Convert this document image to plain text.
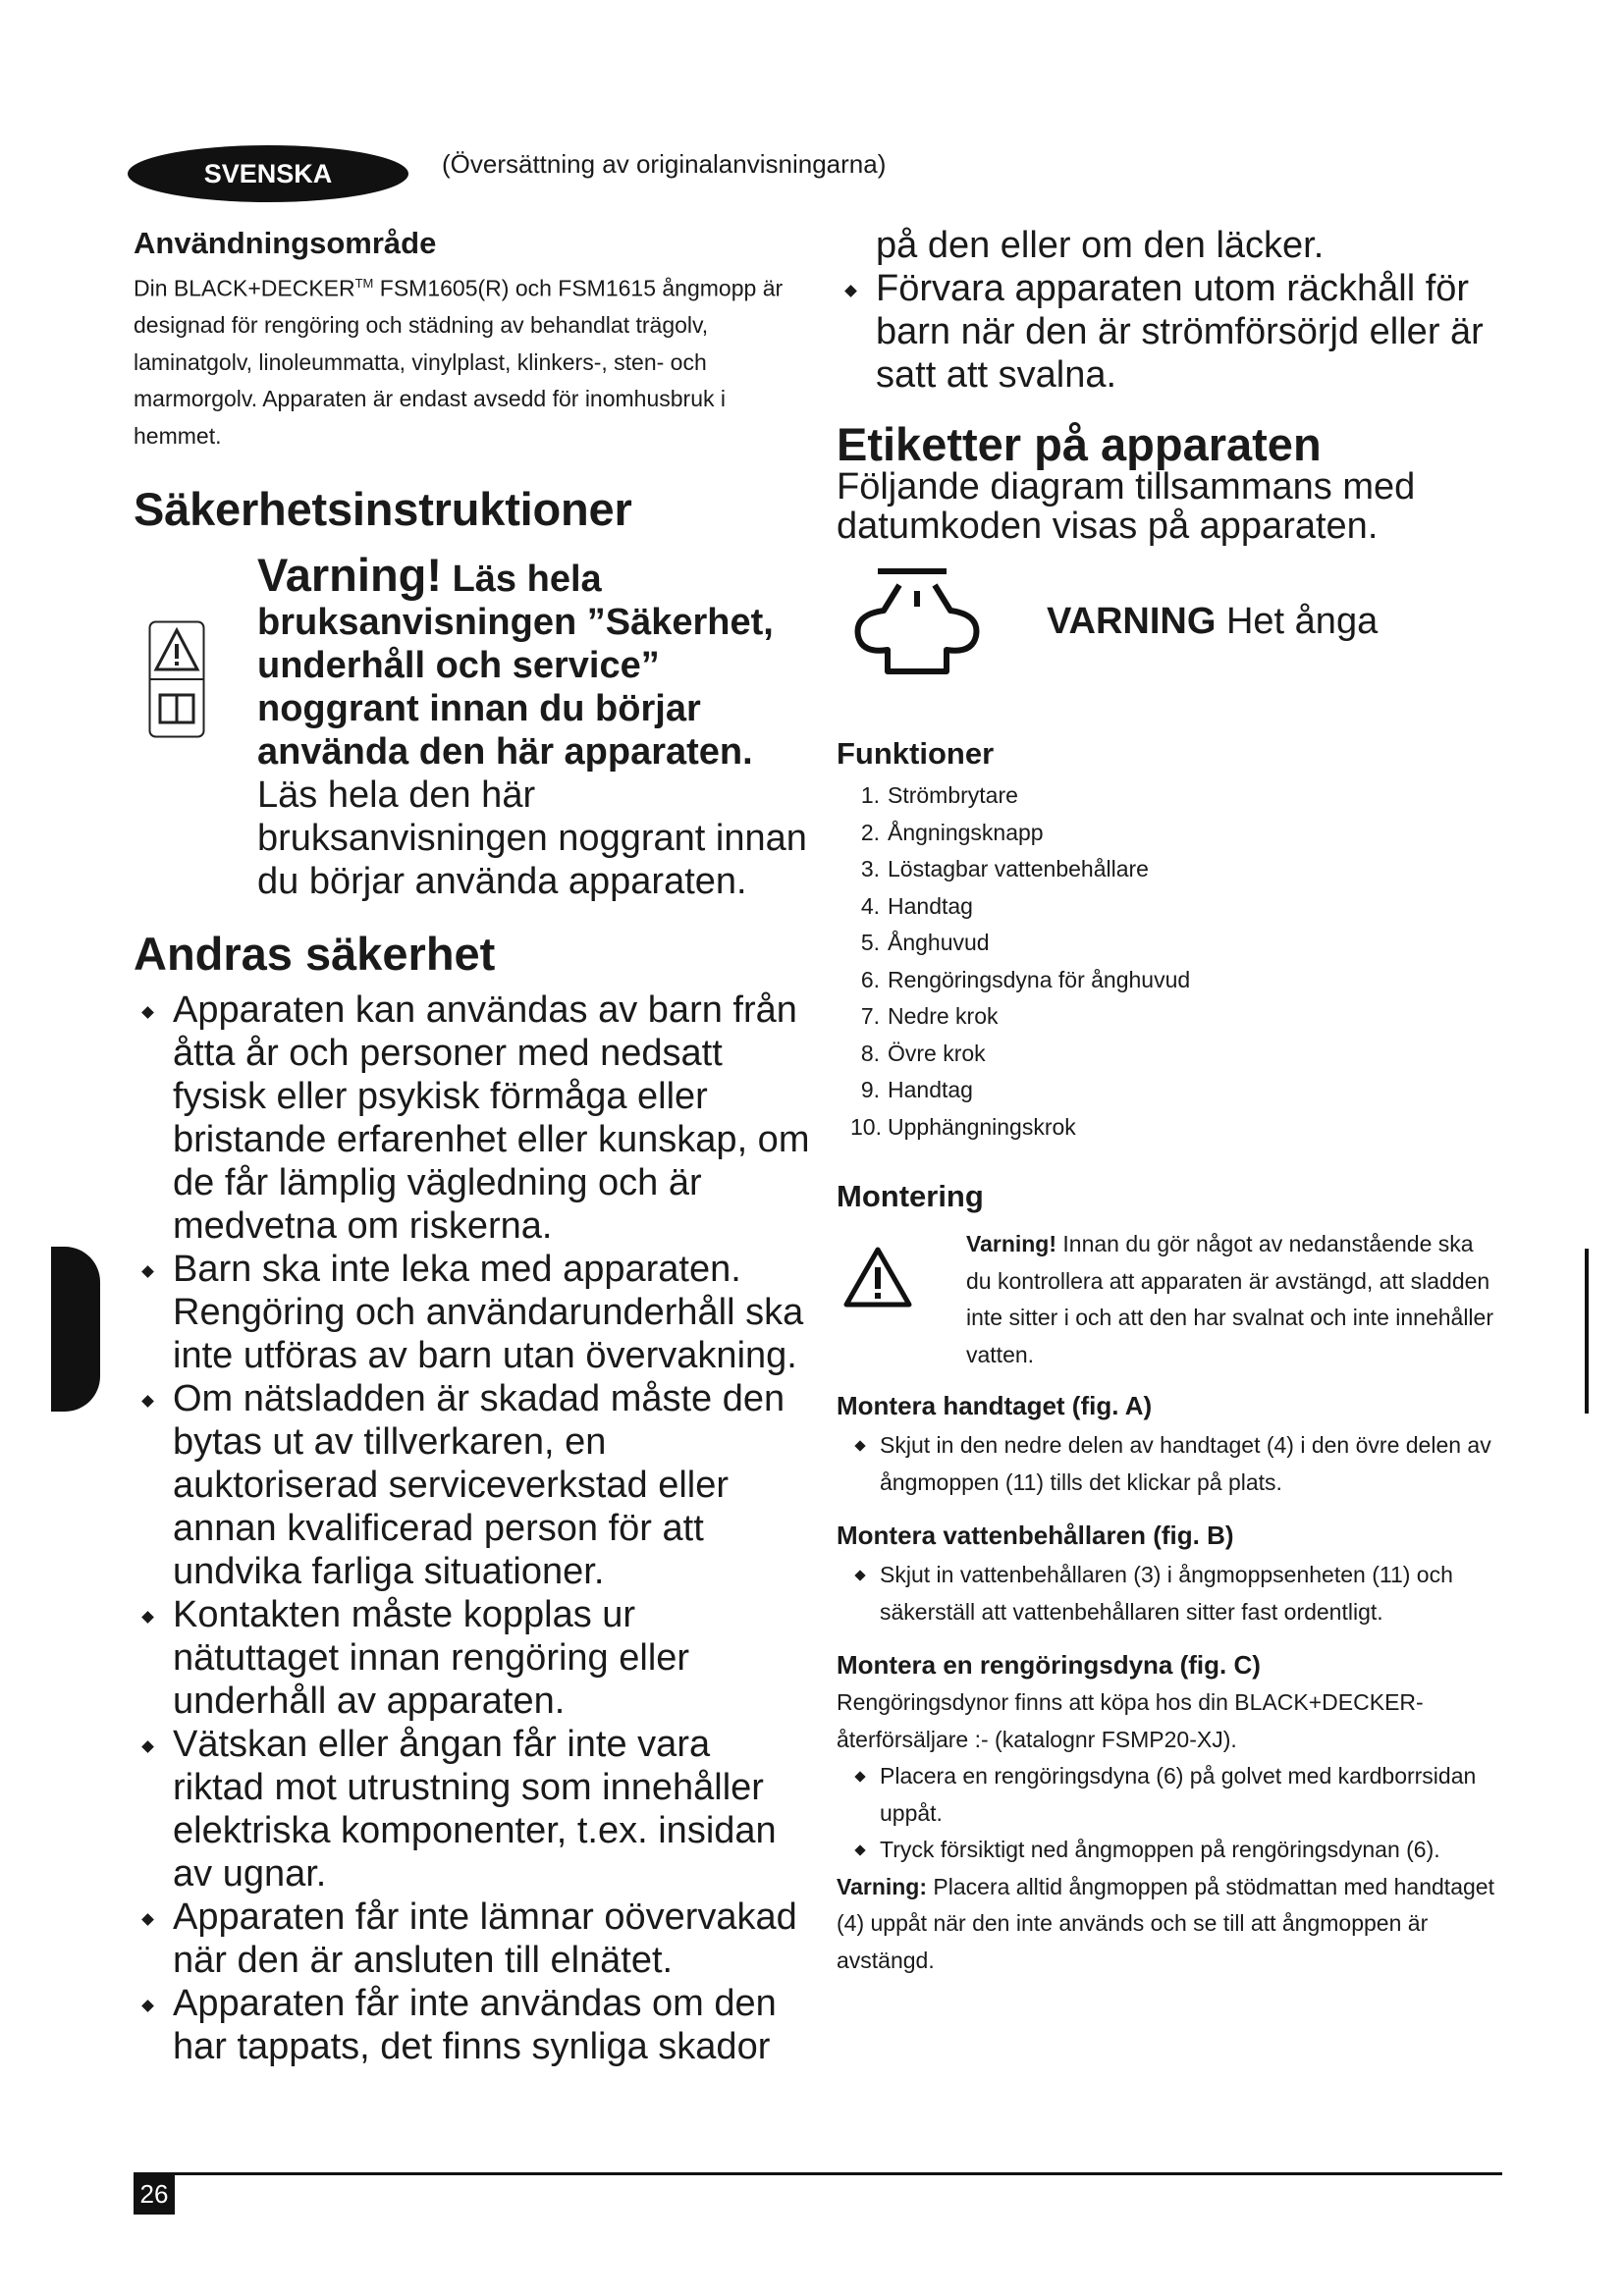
SVENSKA	(Översättning av originalanvisningarna)

Användningsområde

Din BLACK+DECKER™ FSM1605(R) och FSM1615 ångmopp är designad för rengöring och städning av behandlat trägolv, laminatgolv, linoleummatta, vinylplast, klinkers-, sten- och marmorgolv. Apparaten är endast avsedd för inomhusbruk i hemmet.

Säkerhetsinstruktioner

Varning! Läs hela bruksanvisningen ”Säkerhet, underhåll och service” noggrant innan du börjar använda den här apparaten. Läs hela den här bruksanvisningen noggrant innan du börjar använda apparaten.

Andras säkerhet

Apparaten kan användas av barn från åtta år och personer med nedsatt fysisk eller psykisk förmåga eller bristande erfarenhet eller kunskap, om de får lämplig vägledning och är medvetna om riskerna.
Barn ska inte leka med apparaten. Rengöring och användarunderhåll ska inte utföras av barn utan övervakning.
Om nätsladden är skadad måste den bytas ut av tillverkaren, en auktoriserad serviceverkstad eller annan kvalificerad person för att undvika farliga situationer.
Kontakten måste kopplas ur nätuttaget innan rengöring eller underhåll av apparaten.
Vätskan eller ångan får inte vara riktad mot utrustning som innehåller elektriska komponenter, t.ex. insidan av ugnar.
Apparaten får inte lämnar oövervakad när den är ansluten till elnätet.
Apparaten får inte användas om den har tappats, det finns synliga skador

på den eller om den läcker.

Förvara apparaten utom räckhåll för barn när den är strömförsörjd eller är satt att svalna.

Etiketter på apparaten

Följande diagram tillsammans med datumkoden visas på apparaten.

VARNING Het ånga

Funktioner

1. Strömbrytare
2. Ångningsknapp
3. Löstagbar vattenbehållare
4. Handtag
5. Ånghuvud
6. Rengöringsdyna för ånghuvud
7. Nedre krok
8. Övre krok
9. Handtag
10. Upphängningskrok

Montering

Varning! Innan du gör något av nedanstående ska du kontrollera att apparaten är avstängd, att sladden inte sitter i och att den har svalnat och inte innehåller vatten.

Montera handtaget (fig. A)

Skjut in den nedre delen av handtaget (4) i den övre delen av ångmoppen (11) tills det klickar på plats.

Montera vattenbehållaren (fig. B)

Skjut in vattenbehållaren (3) i ångmoppsenheten (11) och säkerställ att vattenbehållaren sitter fast ordentligt.

Montera en rengöringsdyna (fig. C)

Rengöringsdynor finns att köpa hos din BLACK+DECKER-återförsäljare :- (katalognr FSMP20-XJ).

Placera en rengöringsdyna (6) på golvet med kardborrsidan uppåt.
Tryck försiktigt ned ångmoppen på rengöringsdynan (6).

Varning: Placera alltid ångmoppen på stödmattan med handtaget (4) uppåt när den inte används och se till att ångmoppen är avstängd.

26
